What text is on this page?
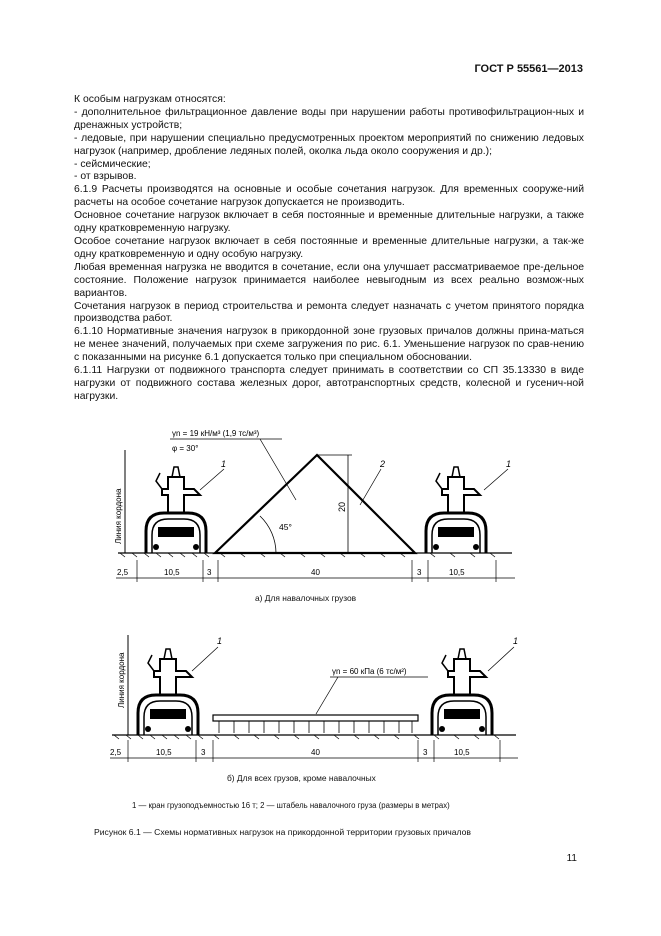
ГОСТ Р 55561—2013

К особым нагрузкам относятся:

- дополнительное фильтрационное давление воды при нарушении работы противофильтрацион-ных и дренажных устройств;

- ледовые, при нарушении специально предусмотренных проектом мероприятий по снижению ледовых нагрузок (например, дробление ледяных полей, околка льда около сооружения и др.);

- сейсмические;

- от взрывов.

6.1.9 Расчеты производятся на основные и особые сочетания нагрузок. Для временных сооруже-ний расчеты на особое сочетание нагрузок допускается не производить.

Основное сочетание нагрузок включает в себя постоянные и временные длительные нагрузки, а также одну кратковременную нагрузку.

Особое сочетание нагрузок включает в себя постоянные и временные длительные нагрузки, а так-же одну кратковременную и одну особую нагрузку.

Любая временная нагрузка не вводится в сочетание, если она улучшает рассматриваемое пре-дельное состояние. Положение нагрузок принимается наиболее невыгодным из всех реально возмож-ных вариантов.

Сочетания нагрузок в период строительства и ремонта следует назначать с учетом принятого порядка производства работ.

6.1.10 Нормативные значения нагрузок в прикордонной зоне грузовых причалов должны прина-маться не менее значений, получаемых при схеме загружения по рис. 6.1. Уменьшение нагрузок по срав-нению с показанными на рисунке 6.1 допускается только при специальном обосновании.

6.1.11 Нагрузки от подвижного транспорта следует принимать в соответствии со СП 35.13330 в виде нагрузки от подвижного состава железных дорог, автотранспортных средств, колесной и гусенич-ной нагрузки.

Линия кордона	20
45°
γn = 19 кН/м³ (1,9 тс/м³)
φ = 30°
1	2	1
2,5	10,5	3	40	3	10,5
Линия кордона	γn = 60 кПа (6 тс/м²)
1	1
2,5	10,5	3	40	3	10,5
а) Для навалочных грузов
б) Для всех грузов, кроме навалочных
1 — кран грузоподъемностью 16 т; 2 — штабель навалочного груза (размеры в метрах)
Рисунок 6.1 — Схемы нормативных нагрузок на прикордонной территории грузовых причалов
11
